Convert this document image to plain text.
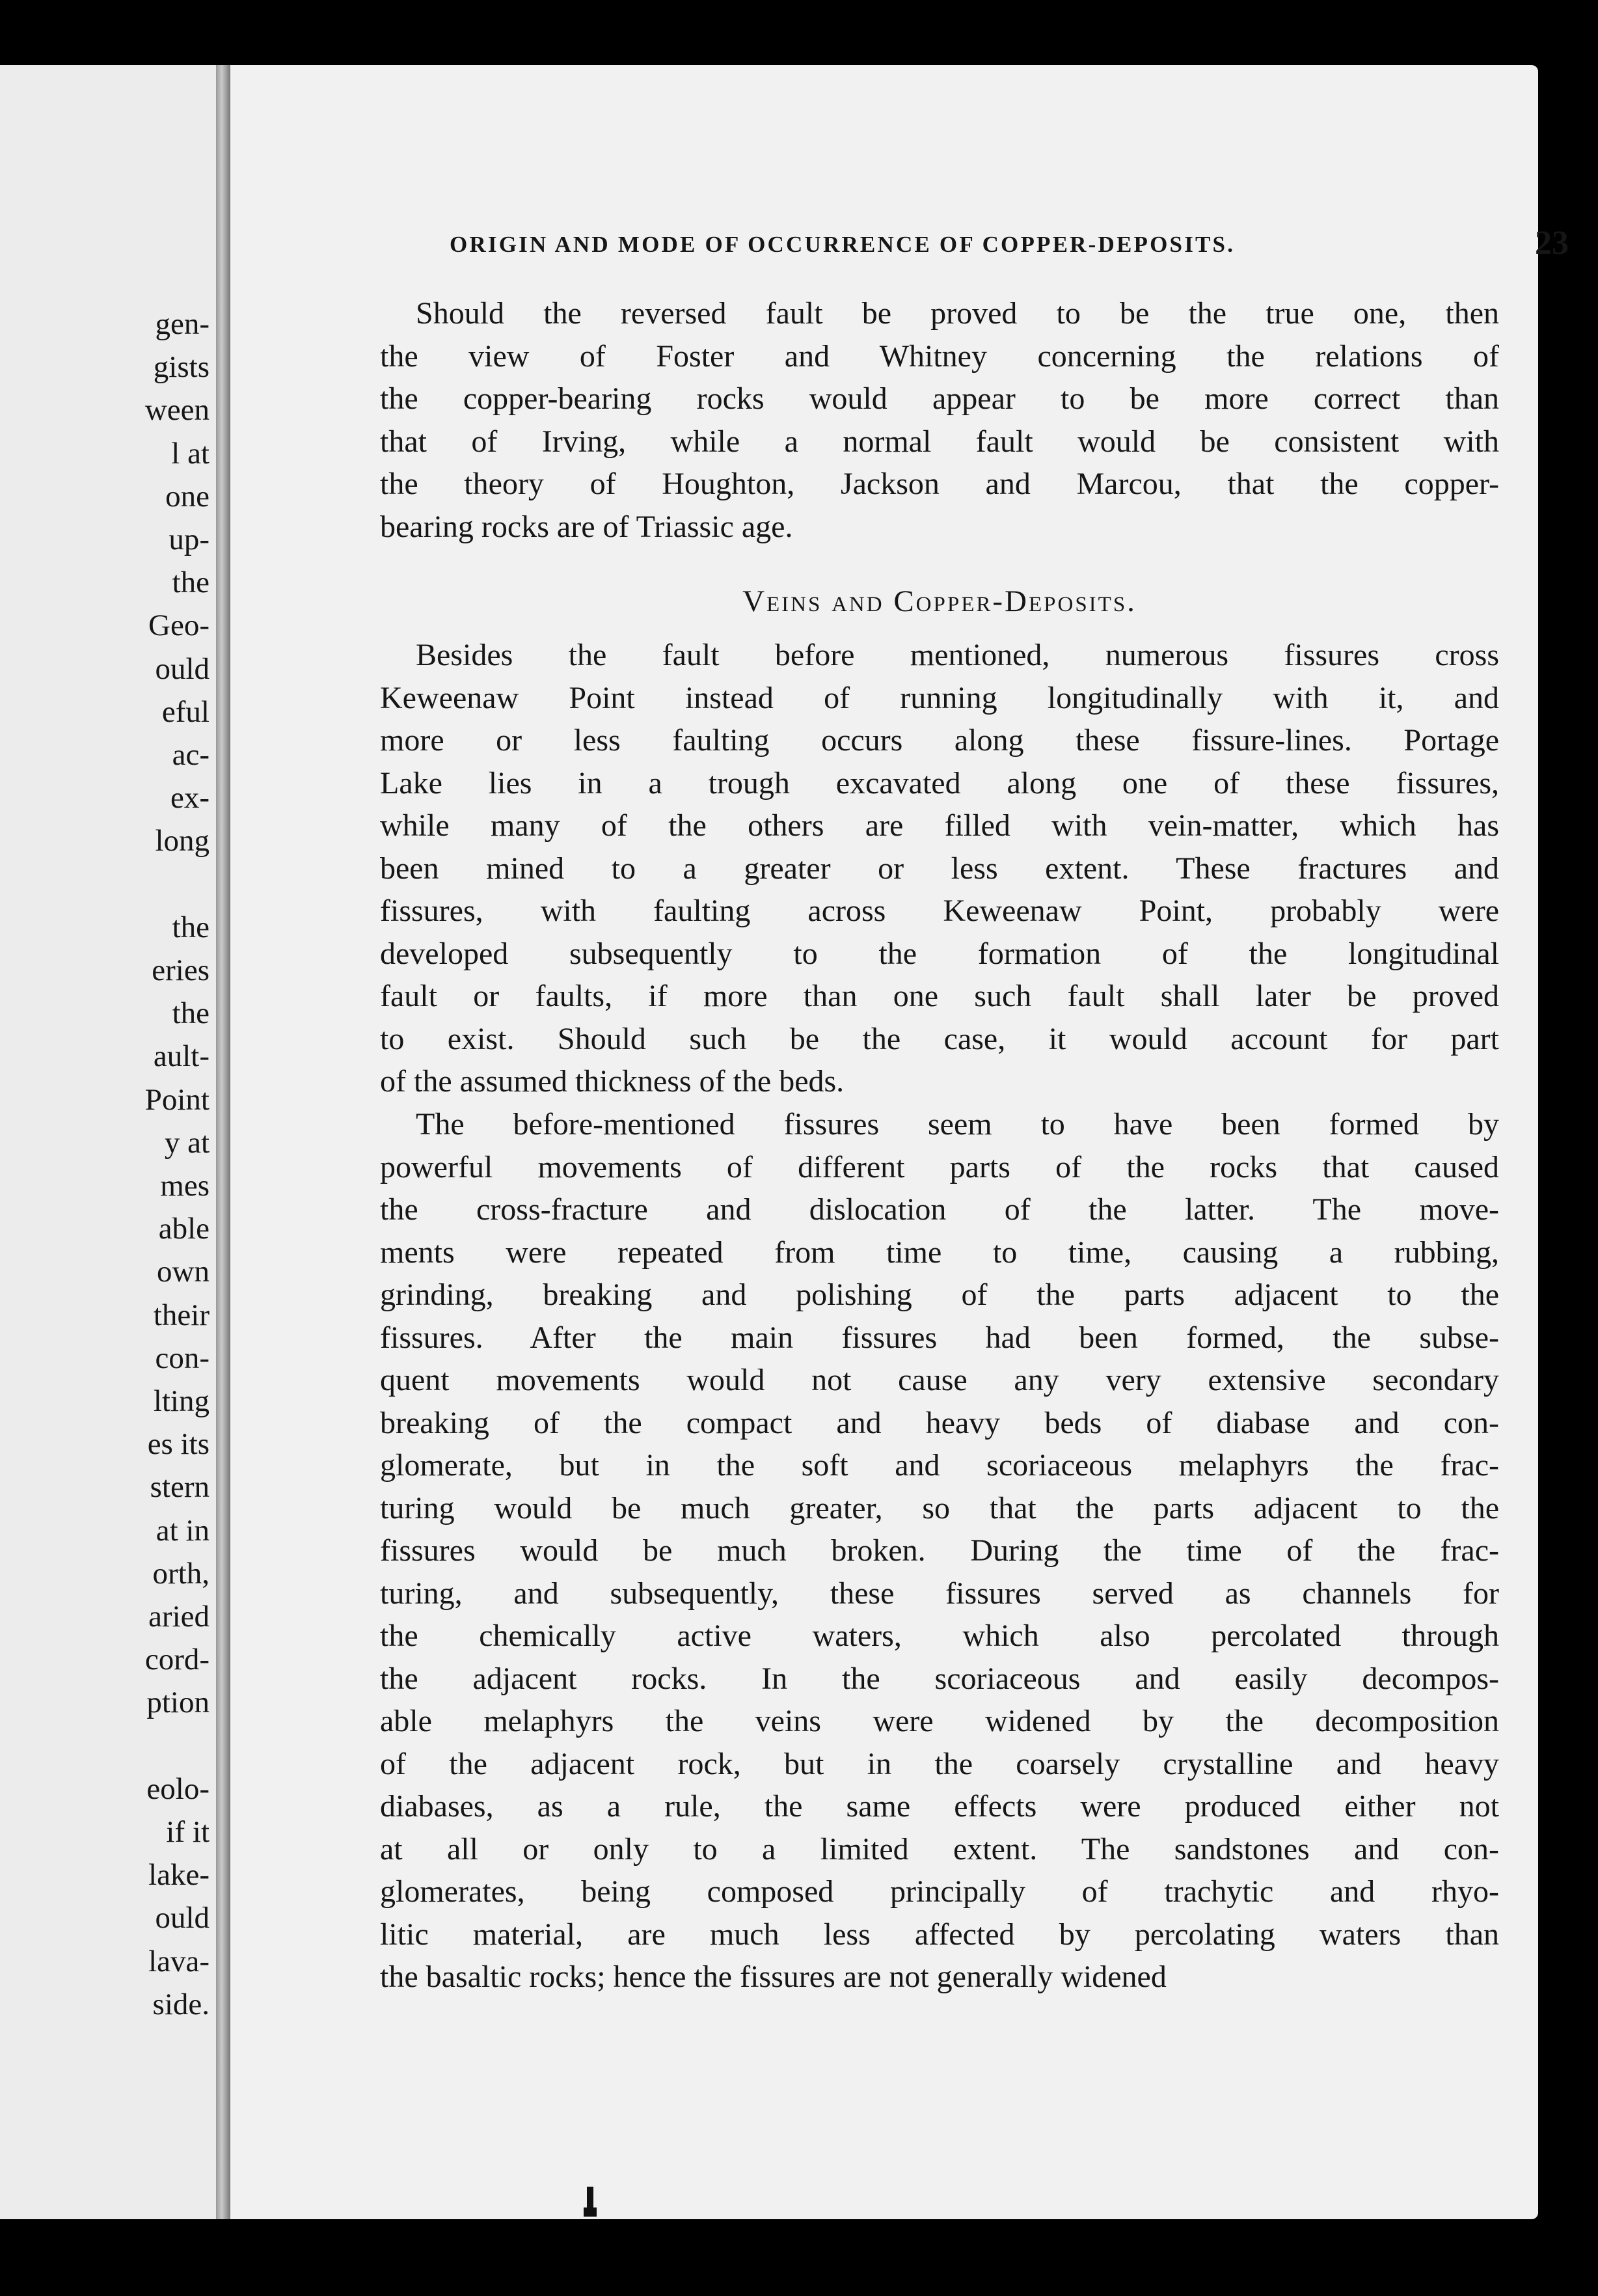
gen-
gists
ween
l at
one
up-
the
Geo-
ould
eful
ac-
ex-
long
the
eries
the
ault-
Point
y at
mes
able
own
their
con-
lting
es its
stern
at in
orth,
aried
cord-
ption
eolo-
if it
lake-
ould
lava-
side.
ORIGIN AND MODE OF OCCURRENCE OF COPPER-DEPOSITS.	23
Should the reversed fault be proved to be the true one, then
the view of Foster and Whitney concerning the relations of
the copper-bearing rocks would appear to be more correct than
that of Irving, while a normal fault would be consistent with
the theory of Houghton, Jackson and Marcou, that the copper-
bearing rocks are of Triassic age.
Veins and Copper-Deposits.
Besides the fault before mentioned, numerous fissures cross
Keweenaw Point instead of running longitudinally with it, and
more or less faulting occurs along these fissure-lines. Portage
Lake lies in a trough excavated along one of these fissures,
while many of the others are filled with vein-matter, which has
been mined to a greater or less extent. These fractures and
fissures, with faulting across Keweenaw Point, probably were
developed subsequently to the formation of the longitudinal
fault or faults, if more than one such fault shall later be proved
to exist. Should such be the case, it would account for part
of the assumed thickness of the beds.
The before-mentioned fissures seem to have been formed by
powerful movements of different parts of the rocks that caused
the cross-fracture and dislocation of the latter. The move-
ments were repeated from time to time, causing a rubbing,
grinding, breaking and polishing of the parts adjacent to the
fissures. After the main fissures had been formed, the subse-
quent movements would not cause any very extensive secondary
breaking of the compact and heavy beds of diabase and con-
glomerate, but in the soft and scoriaceous melaphyrs the frac-
turing would be much greater, so that the parts adjacent to the
fissures would be much broken. During the time of the frac-
turing, and subsequently, these fissures served as channels for
the chemically active waters, which also percolated through
the adjacent rocks. In the scoriaceous and easily decompos-
able melaphyrs the veins were widened by the decomposition
of the adjacent rock, but in the coarsely crystalline and heavy
diabases, as a rule, the same effects were produced either not
at all or only to a limited extent. The sandstones and con-
glomerates, being composed principally of trachytic and rhyo-
litic material, are much less affected by percolating waters than
the basaltic rocks; hence the fissures are not generally widened
